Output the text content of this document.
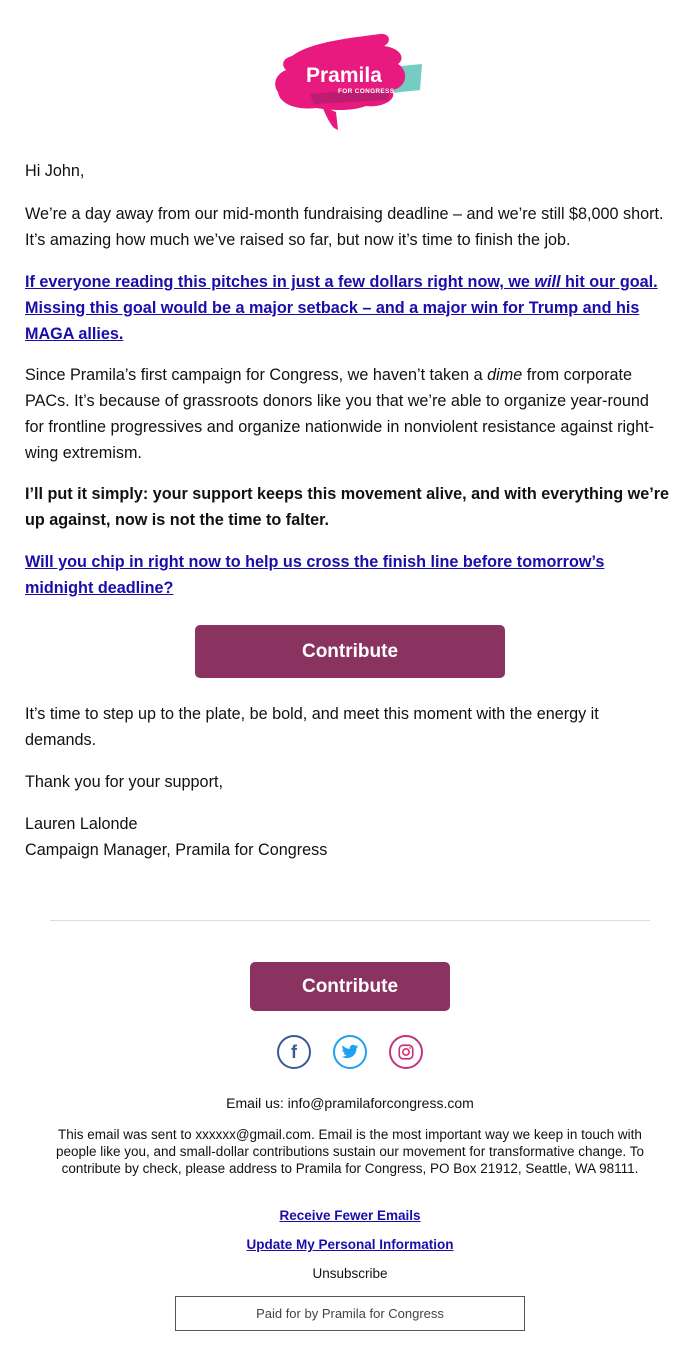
Pramila
FOR CONGRESS

Hi John,

We’re a day away from our mid-month fundraising deadline – and we’re still $8,000 short. It’s amazing how much we’ve raised so far, but now it’s time to finish the job.

If everyone reading this pitches in just a few dollars right now, we will hit our goal. Missing this goal would be a major setback – and a major win for Trump and his MAGA allies.

Since Pramila’s first campaign for Congress, we haven’t taken a dime from corporate PACs. It’s because of grassroots donors like you that we’re able to organize year-round for frontline progressives and organize nationwide in nonviolent resistance against right-wing extremism.

I’ll put it simply: your support keeps this movement alive, and with everything we’re up against, now is not the time to falter.

Will you chip in right now to help us cross the finish line before tomorrow’s midnight deadline?

Contribute

It’s time to step up to the plate, be bold, and meet this moment with the energy it demands.

Thank you for your support,

Lauren Lalonde

Campaign Manager, Pramila for Congress

Contribute
f

Email us: info@pramilaforcongress.com

This email was sent to xxxxxx@gmail.com. Email is the most important way we keep in touch with people like you, and small-dollar contributions sustain our movement for transformative change. To contribute by check, please address to Pramila for Congress, PO Box 21912, Seattle, WA 98111.

Receive Fewer Emails

Update My Personal Information

Unsubscribe

Paid for by Pramila for Congress
